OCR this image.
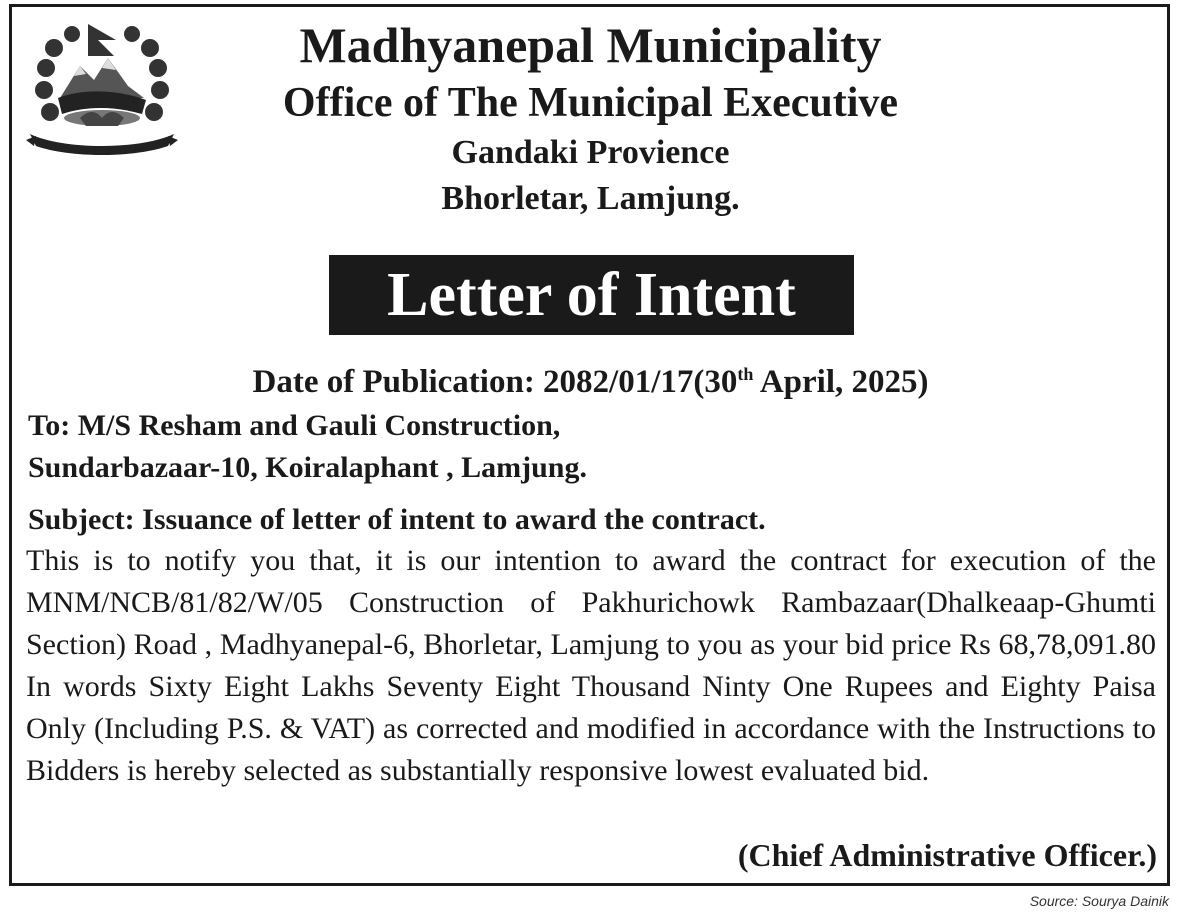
Madhyanepal Municipality
Office of The Municipal Executive
Gandaki Provience
Bhorletar, Lamjung.
Letter of Intent
Date of Publication: 2082/01/17(30th April, 2025)
To: M/S Resham and Gauli Construction,
Sundarbazaar-10, Koiralaphant , Lamjung.
Subject: Issuance of letter of intent to award the contract.
This is to notify you that, it is our intention to award the contract for execution of the MNM/NCB/81/82/W/05 Construction of Pakhurichowk Rambazaar(Dhalkeaap-Ghumti Section) Road , Madhyanepal-6, Bhorletar, Lamjung to you as your bid price Rs 68,78,091.80 In words Sixty Eight Lakhs Seventy Eight Thousand Ninty One Rupees and Eighty Paisa Only (Including P.S. & VAT) as corrected and modified in accordance with the Instructions to Bidders is hereby selected as substantially responsive lowest evaluated bid.
(Chief Administrative Officer.)
Source: Sourya Dainik
